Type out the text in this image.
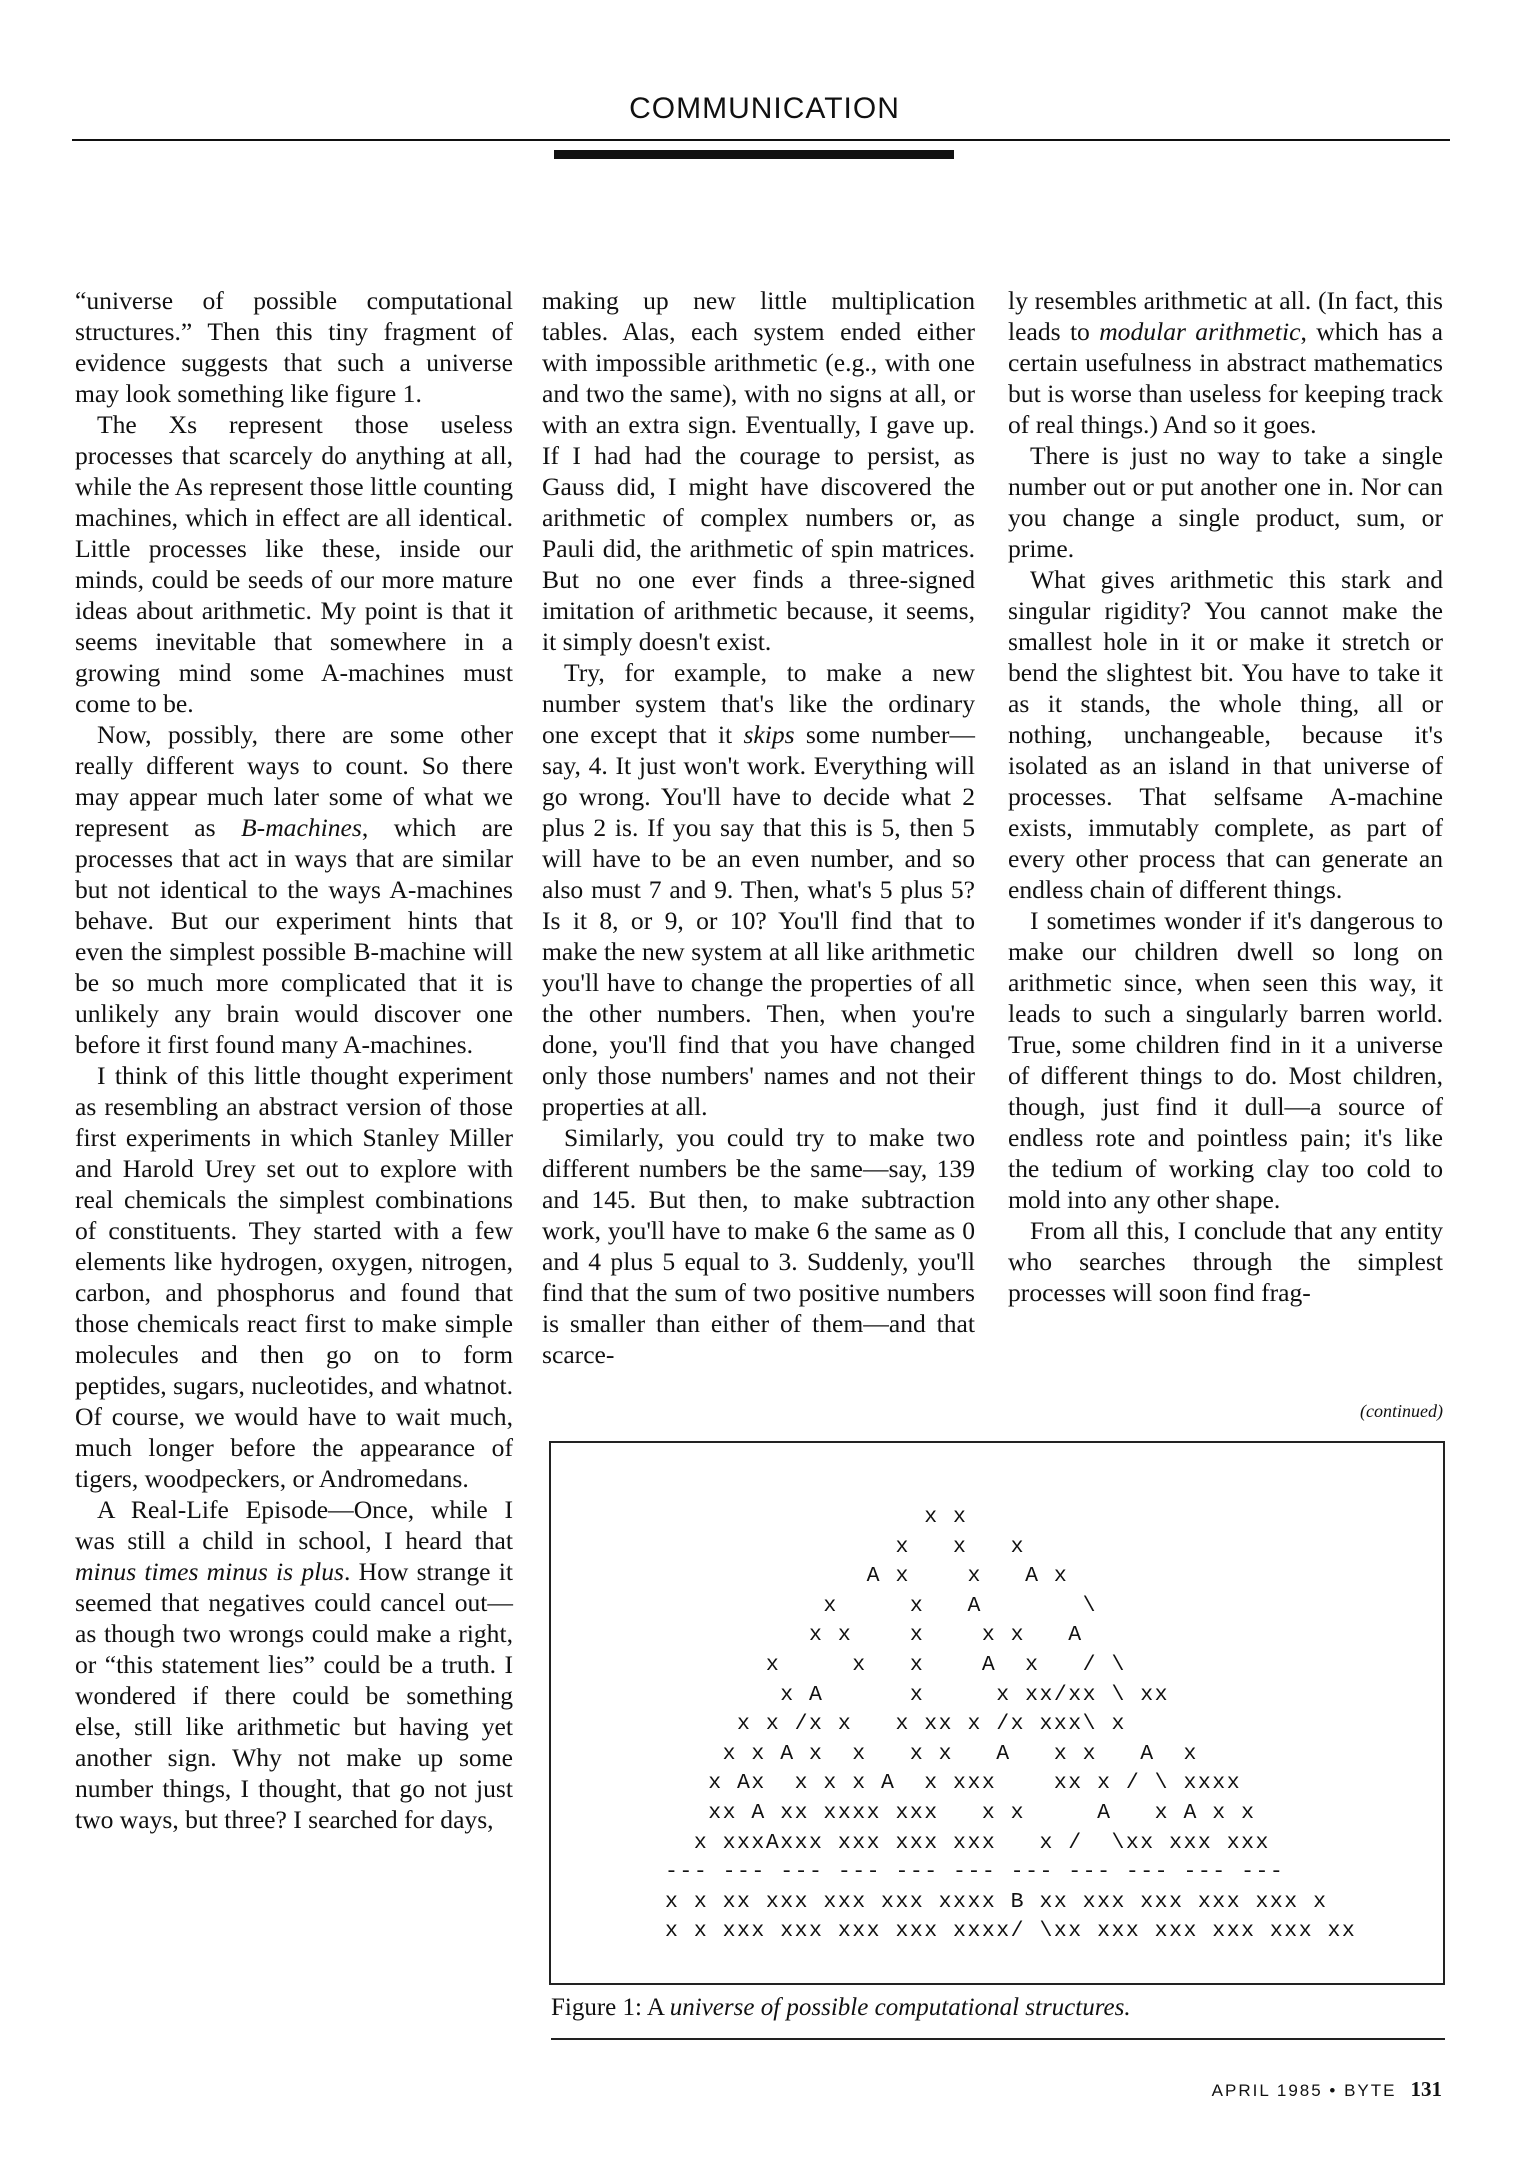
COMMUNICATION

“universe of possible computational structures.” Then this tiny fragment of evidence suggests that such a universe may look something like figure 1.

The Xs represent those useless processes that scarcely do anything at all, while the As represent those little counting machines, which in effect are all identical. Little processes like these, inside our minds, could be seeds of our more mature ideas about arithmetic. My point is that it seems inevitable that somewhere in a growing mind some A-machines must come to be.

Now, possibly, there are some other really different ways to count. So there may appear much later some of what we represent as B-machines, which are processes that act in ways that are similar but not identical to the ways A-machines behave. But our experiment hints that even the simplest possible B-machine will be so much more complicated that it is unlikely any brain would discover one before it first found many A-machines.

I think of this little thought experiment as resembling an abstract version of those first experiments in which Stanley Miller and Harold Urey set out to explore with real chemicals the simplest combinations of constituents. They started with a few elements like hydrogen, oxygen, nitrogen, carbon, and phosphorus and found that those chemicals react first to make simple molecules and then go on to form peptides, sugars, nucleotides, and whatnot. Of course, we would have to wait much, much longer before the appearance of tigers, woodpeckers, or Andromedans.

A Real-Life Episode—Once, while I was still a child in school, I heard that minus times minus is plus. How strange it seemed that negatives could cancel out—as though two wrongs could make a right, or “this statement lies” could be a truth. I wondered if there could be something else, still like arithmetic but having yet another sign. Why not make up some number things, I thought, that go not just two ways, but three? I searched for days,

making up new little multiplication tables. Alas, each system ended either with impossible arithmetic (e.g., with one and two the same), with no signs at all, or with an extra sign. Eventually, I gave up. If I had had the courage to persist, as Gauss did, I might have discovered the arithmetic of complex numbers or, as Pauli did, the arithmetic of spin matrices. But no one ever finds a three-signed imitation of arithmetic because, it seems, it simply doesn't exist.

Try, for example, to make a new number system that's like the ordinary one except that it skips some number—say, 4. It just won't work. Everything will go wrong. You'll have to decide what 2 plus 2 is. If you say that this is 5, then 5 will have to be an even number, and so also must 7 and 9. Then, what's 5 plus 5? Is it 8, or 9, or 10? You'll find that to make the new system at all like arithmetic you'll have to change the properties of all the other numbers. Then, when you're done, you'll find that you have changed only those numbers' names and not their properties at all.

Similarly, you could try to make two different numbers be the same—say, 139 and 145. But then, to make subtraction work, you'll have to make 6 the same as 0 and 4 plus 5 equal to 3. Suddenly, you'll find that the sum of two positive numbers is smaller than either of them—and that scarce-

ly resembles arithmetic at all. (In fact, this leads to modular arithmetic, which has a certain usefulness in abstract mathematics but is worse than useless for keeping track of real things.) And so it goes.

There is just no way to take a single number out or put another one in. Nor can you change a single product, sum, or prime.

What gives arithmetic this stark and singular rigidity? You cannot make the smallest hole in it or make it stretch or bend the slightest bit. You have to take it as it stands, the whole thing, all or nothing, unchangeable, because it's isolated as an island in that universe of processes. That selfsame A-machine exists, immutably complete, as part of every other process that can generate an endless chain of different things.

I sometimes wonder if it's dangerous to make our children dwell so long on arithmetic since, when seen this way, it leads to such a singularly barren world. True, some children find in it a universe of different things to do. Most children, though, just find it dull—a source of endless rote and pointless pain; it's like the tedium of working clay too cold to mold into any other shape.

From all this, I conclude that any entity who searches through the simplest processes will soon find frag-

(continued)
x x
x   x   x
A x    x   A x
x     x   A       \
x x    x    x x   A
x     x   x    A  x   / \
x A      x     x xx/xx \ xx
x x /x x   x xx x /x xxx\ x
x x A x  x   x x   A   x x   A  x
x Ax  x x x A  x xxx    xx x / \ xxxx
xx A xx xxxx xxx   x x     A   x A x x
x xxxAxxx xxx xxx xxx   x /  \xx xxx xxx
--- --- --- --- --- --- --- --- --- --- ---
x x xx xxx xxx xxx xxxx B xx xxx xxx xxx xxx x
x x xxx xxx xxx xxx xxxx/ \xx xxx xxx xxx xxx xx
Figure 1: A universe of possible computational structures.
APRIL 1985 • BYTE 131
